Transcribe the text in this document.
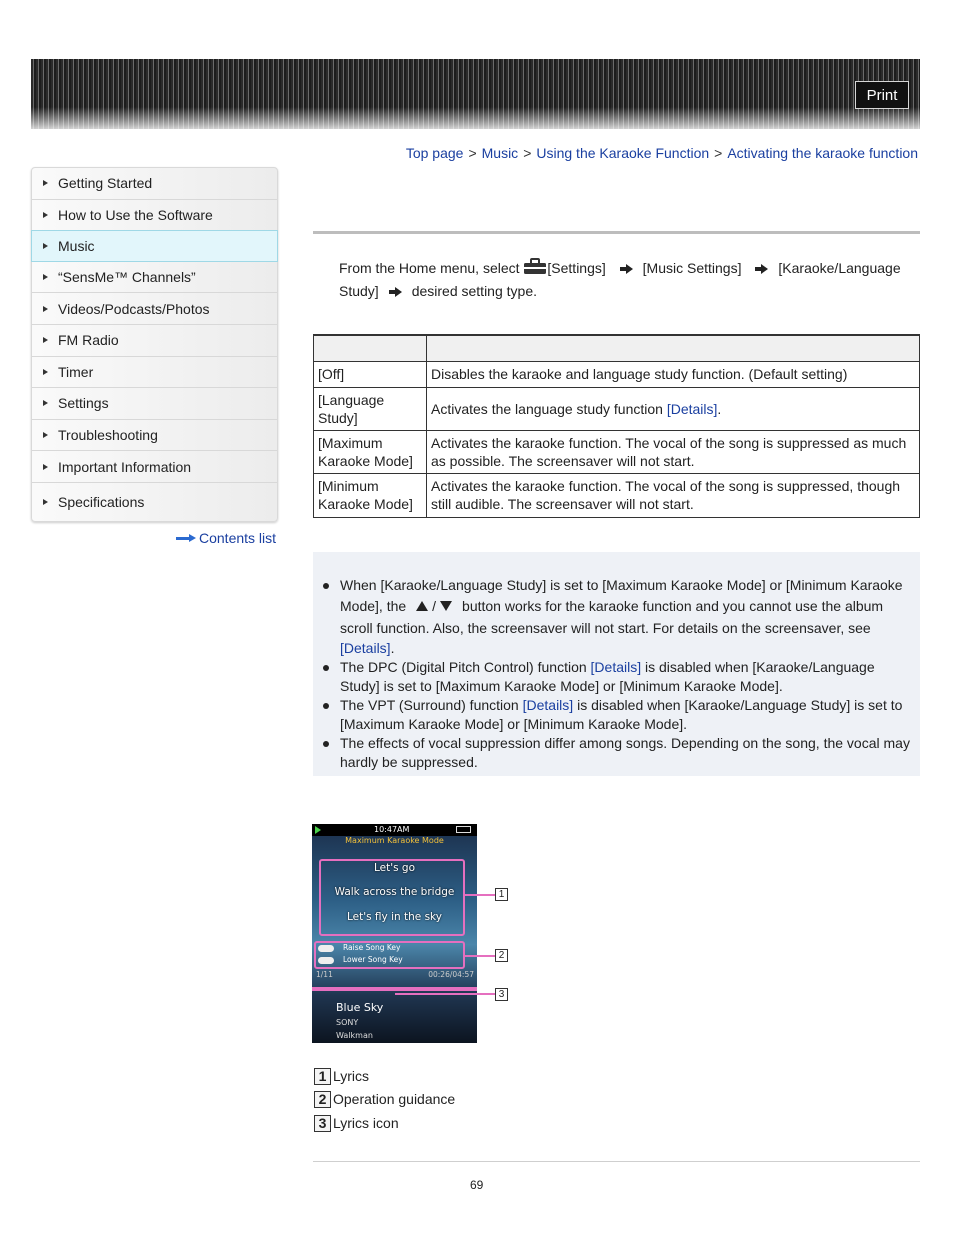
Print
Top page > Music > Using the Karaoke Function > Activating the karaoke function
Getting Started
How to Use the Software
Music
“SensMe™ Channels”
Videos/Podcasts/Photos
FM Radio
Timer
Settings
Troubleshooting
Important Information
Specifications
Contents list
From the Home menu, select [Settings]	[Music Settings]	[Karaoke/Language
Study] desired setting type.

[Off]	Disables the karaoke and language study function. (Default setting)
[Language Study]	Activates the language study function [Details].
[Maximum Karaoke Mode]	Activates the karaoke function. The vocal of the song is suppressed as much as possible. The screensaver will not start.
[Minimum Karaoke Mode]	Activates the karaoke function. The vocal of the song is suppressed, though still audible. The screensaver will not start.
When [Karaoke/Language Study] is set to [Maximum Karaoke Mode] or [Minimum Karaoke Mode], the / button works for the karaoke function and you cannot use the album scroll function. Also, the screensaver will not start. For details on the screensaver, see [Details].
The DPC (Digital Pitch Control) function [Details] is disabled when [Karaoke/Language Study] is set to [Maximum Karaoke Mode] or [Minimum Karaoke Mode].
The VPT (Surround) function [Details] is disabled when [Karaoke/Language Study] is set to [Maximum Karaoke Mode] or [Minimum Karaoke Mode].
The effects of vocal suppression differ among songs. Depending on the song, the vocal may hardly be suppressed.
10:47AM
Maximum Karaoke Mode
Let's go
Walk across the bridge
Let's fly in the sky
Raise Song Key
Lower Song Key
1/11	00:26/04:57
Blue Sky
SONY
Walkman
1
2
3
1 Lyrics
2 Operation guidance
3 Lyrics icon
69
